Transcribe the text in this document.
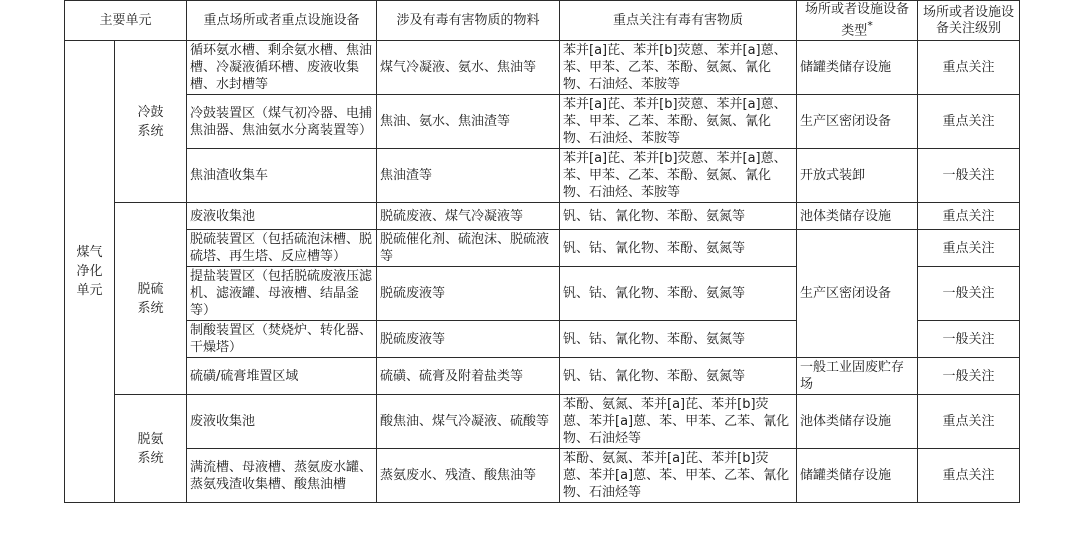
主要单元		重点场所或者重点设施设备	涉及有毒有害物质的物料	重点关注有毒有害物质	场所或者设施设备类型*	场所或者设施设备关注级别
煤气净化单元	冷鼓系统	循环氨水槽、剩余氨水槽、焦油槽、冷凝液循环槽、废液收集槽、水封槽等	煤气冷凝液、氨水、焦油等	苯并[a]芘、苯并[b]荧蒽、苯并[a]蒽、苯、甲苯、乙苯、苯酚、氨氮、氰化物、石油烃、苯胺等	储罐类储存设施	重点关注
		冷鼓装置区（煤气初冷器、电捕焦油器、焦油氨水分离装置等）	焦油、氨水、焦油渣等	苯并[a]芘、苯并[b]荧蒽、苯并[a]蒽、苯、甲苯、乙苯、苯酚、氨氮、氰化物、石油烃、苯胺等	生产区密闭设备	重点关注
		焦油渣收集车	焦油渣等	苯并[a]芘、苯并[b]荧蒽、苯并[a]蒽、苯、甲苯、乙苯、苯酚、氨氮、氰化物、石油烃、苯胺等	开放式装卸	一般关注
	脱硫系统	废液收集池	脱硫废液、煤气冷凝液等	钒、钴、氰化物、苯酚、氨氮等	池体类储存设施	重点关注
		脱硫装置区（包括硫泡沫槽、脱硫塔、再生塔、反应槽等）	脱硫催化剂、硫泡沫、脱硫液等	钒、钴、氰化物、苯酚、氨氮等	生产区密闭设备	重点关注
		提盐装置区（包括脱硫废液压滤机、滤液罐、母液槽、结晶釜等）	脱硫废液等	钒、钴、氰化物、苯酚、氨氮等		一般关注
		制酸装置区（焚烧炉、转化器、干燥塔）	脱硫废液等	钒、钴、氰化物、苯酚、氨氮等		一般关注
		硫磺/硫膏堆置区域	硫磺、硫膏及附着盐类等	钒、钴、氰化物、苯酚、氨氮等	一般工业固废贮存场	一般关注
	脱氨系统	废液收集池	酸焦油、煤气冷凝液、硫酸等	苯酚、氨氮、苯并[a]芘、苯并[b]荧蒽、苯并[a]蒽、苯、甲苯、乙苯、氰化物、石油烃等	池体类储存设施	重点关注
		满流槽、母液槽、蒸氨废水罐、蒸氨残渣收集槽、酸焦油槽	蒸氨废水、残渣、酸焦油等	苯酚、氨氮、苯并[a]芘、苯并[b]荧蒽、苯并[a]蒽、苯、甲苯、乙苯、氰化物、石油烃等	储罐类储存设施	重点关注
